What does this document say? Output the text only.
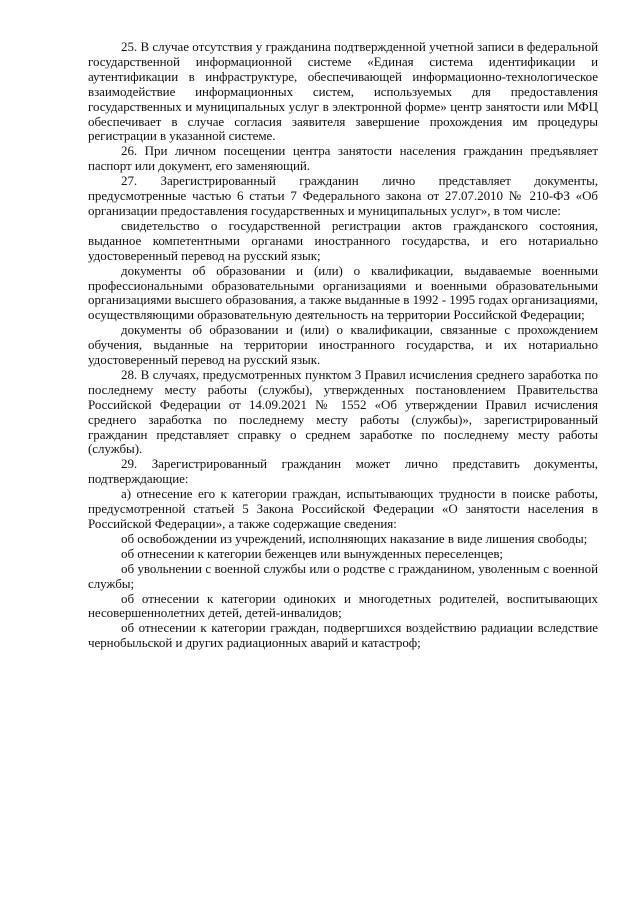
25. В случае отсутствия у гражданина подтвержденной учетной записи в федеральной государственной информационной системе «Единая система идентификации и аутентификации в инфраструктуре, обеспечивающей информационно-технологическое взаимодействие информационных систем, используемых для предоставления государственных и муниципальных услуг в электронной форме» центр занятости или МФЦ обеспечивает в случае согласия заявителя завершение прохождения им процедуры регистрации в указанной системе.

26. При личном посещении центра занятости населения гражданин предъявляет паспорт или документ, его заменяющий.

27. Зарегистрированный гражданин лично представляет документы, предусмотренные частью 6 статьи 7 Федерального закона от 27.07.2010 № 210-ФЗ «Об организации предоставления государственных и муниципальных услуг», в том числе:

свидетельство о государственной регистрации актов гражданского состояния, выданное компетентными органами иностранного государства, и его нотариально удостоверенный перевод на русский язык;

документы об образовании и (или) о квалификации, выдаваемые военными профессиональными образовательными организациями и военными образовательными организациями высшего образования, а также выданные в 1992 - 1995 годах организациями, осуществляющими образовательную деятельность на территории Российской Федерации;

документы об образовании и (или) о квалификации, связанные с прохождением обучения, выданные на территории иностранного государства, и их нотариально удостоверенный перевод на русский язык.

28. В случаях, предусмотренных пунктом 3 Правил исчисления среднего заработка по последнему месту работы (службы), утвержденных постановлением Правительства Российской Федерации от 14.09.2021 № 1552 «Об утверждении Правил исчисления среднего заработка по последнему месту работы (службы)», зарегистрированный гражданин представляет справку о среднем заработке по последнему месту работы (службы).

29. Зарегистрированный гражданин может лично представить документы, подтверждающие:

а) отнесение его к категории граждан, испытывающих трудности в поиске работы, предусмотренной статьей 5 Закона Российской Федерации «О занятости населения в Российской Федерации», а также содержащие сведения:

об освобождении из учреждений, исполняющих наказание в виде лишения свободы;

об отнесении к категории беженцев или вынужденных переселенцев;

об увольнении с военной службы или о родстве с гражданином, уволенным с военной службы;

об отнесении к категории одиноких и многодетных родителей, воспитывающих несовершеннолетних детей, детей-инвалидов;

об отнесении к категории граждан, подвергшихся воздействию радиации вследствие чернобыльской и других радиационных аварий и катастроф;
